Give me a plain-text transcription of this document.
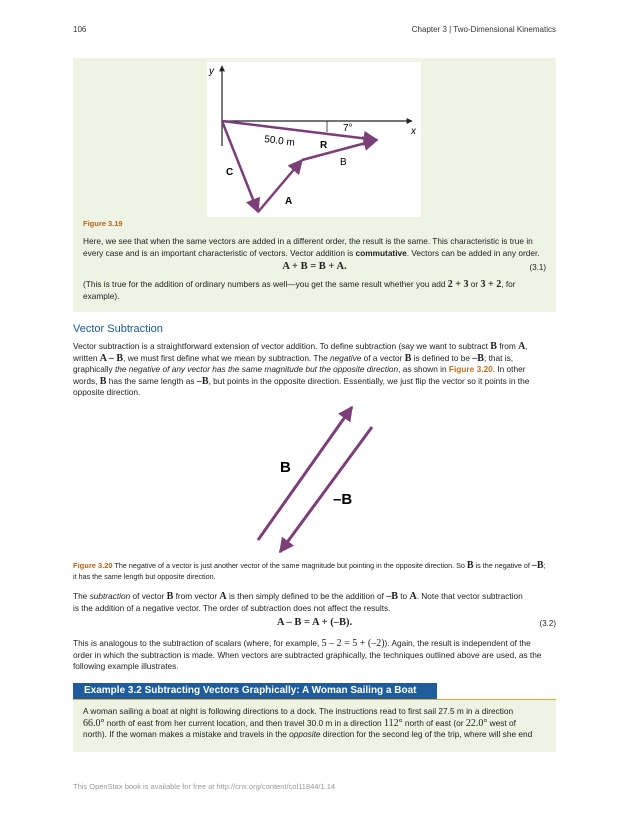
106	Chapter 3 | Two-Dimensional Kinematics
y
x
7°
50.0 m R
B
C
A
Figure 3.19
Here, we see that when the same vectors are added in a different order, the result is the same. This characteristic is true in
every case and is an important characteristic of vectors. Vector addition is commutative. Vectors can be added in any order.
A + B = B + A.	(3.1)
(This is true for the addition of ordinary numbers as well—you get the same result whether you add 2 + 3 or 3 + 2, for
example).
Vector Subtraction
Vector subtraction is a straightforward extension of vector addition. To define subtraction (say we want to subtract B from A,
written A – B, we must first define what we mean by subtraction. The negative of a vector B is defined to be –B; that is,
graphically the negative of any vector has the same magnitude but the opposite direction, as shown in Figure 3.20. In other
words, B has the same length as –B, but points in the opposite direction. Essentially, we just flip the vector so it points in the
opposite direction.
B
–B
Figure 3.20 The negative of a vector is just another vector of the same magnitude but pointing in the opposite direction. So B is the negative of –B;
it has the same length but opposite direction.
The subtraction of vector B from vector A is then simply defined to be the addition of –B to A. Note that vector subtraction
is the addition of a negative vector. The order of subtraction does not affect the results.
A – B = A + (–B).	(3.2)
This is analogous to the subtraction of scalars (where, for example, 5 – 2 = 5 + (–2)). Again, the result is independent of the
order in which the subtraction is made. When vectors are subtracted graphically, the techniques outlined above are used, as the
following example illustrates.
Example 3.2 Subtracting Vectors Graphically: A Woman Sailing a Boat
A woman sailing a boat at night is following directions to a dock. The instructions read to first sail 27.5 m in a direction
66.0° north of east from her current location, and then travel 30.0 m in a direction 112° north of east (or 22.0° west of
north). If the woman makes a mistake and travels in the opposite direction for the second leg of the trip, where will she end
This OpenStax book is available for free at http://cnx.org/content/col11844/1.14
